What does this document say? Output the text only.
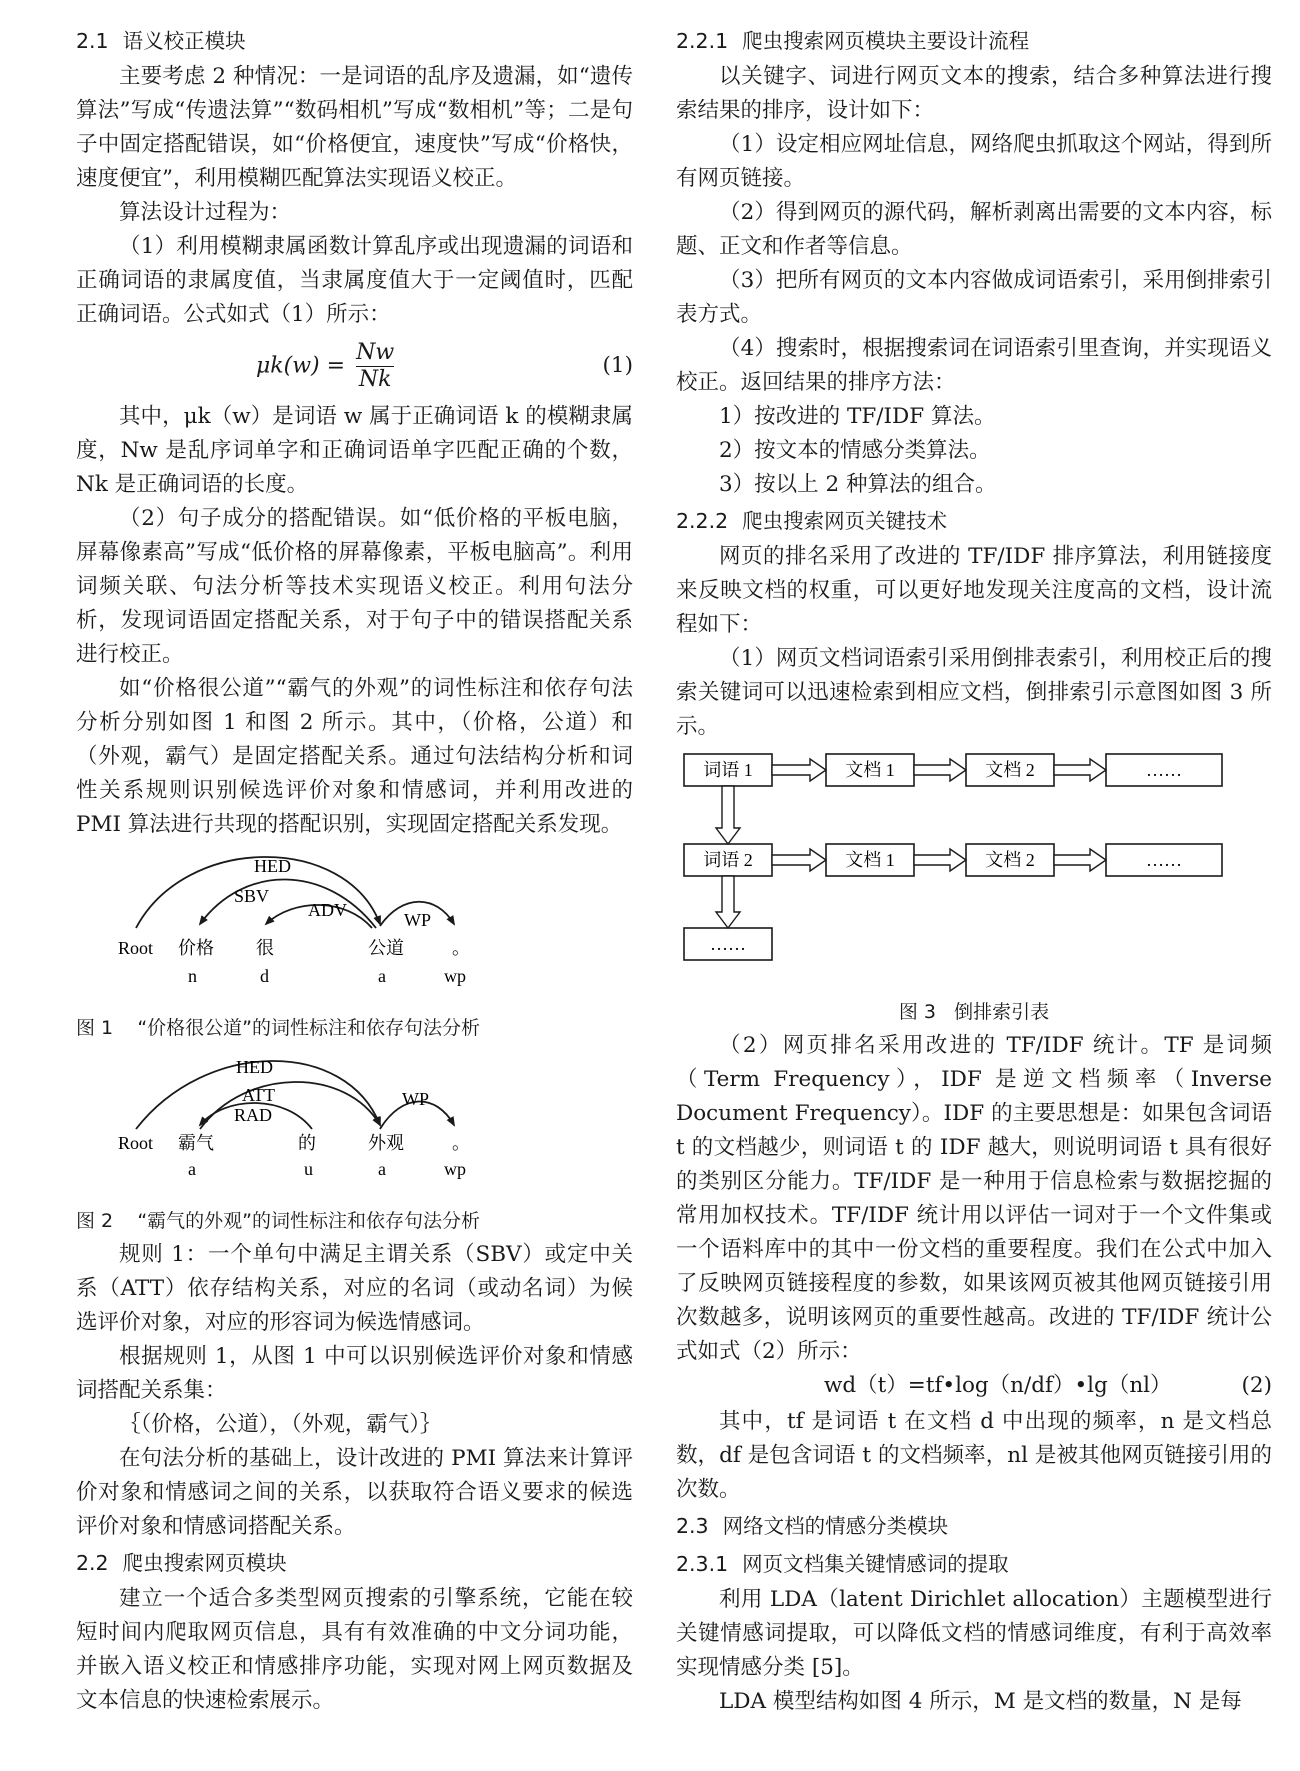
2.1 语义校正模块

主要考虑 2 种情况：一是词语的乱序及遗漏，如“遗传算法”写成“传遗法算”“数码相机”写成“数相机”等；二是句子中固定搭配错误，如“价格便宜，速度快”写成“价格快，速度便宜”，利用模糊匹配算法实现语义校正。

算法设计过程为：

（1）利用模糊隶属函数计算乱序或出现遗漏的词语和正确词语的隶属度值，当隶属度值大于一定阈值时，匹配正确词语。公式如式（1）所示：

$\mu k(w) = \frac{Nw}{Nk}$	(1)

其中，μk（w）是词语 w 属于正确词语 k 的模糊隶属度，Nw 是乱序词单字和正确词语单字匹配正确的个数，Nk 是正确词语的长度。

（2）句子成分的搭配错误。如“低价格的平板电脑，屏幕像素高”写成“低价格的屏幕像素，平板电脑高”。利用词频关联、句法分析等技术实现语义校正。利用句法分析，发现词语固定搭配关系，对于句子中的错误搭配关系进行校正。

如“价格很公道”“霸气的外观”的词性标注和依存句法分析分别如图 1 和图 2 所示。其中，（价格，公道）和（外观，霸气）是固定搭配关系。通过句法结构分析和词性关系规则识别候选评价对象和情感词，并利用改进的 PMI 算法进行共现的搭配识别，实现固定搭配关系发现。

HED
SBV
ADV	WP
Root 价格 很	公道	。
n	d	a	wp
图 1 “价格很公道”的词性标注和依存句法分析
HED
ATT
RAD
WP
Root 霸气	的	外观	。
a	u	a	wp
图 2 “霸气的外观”的词性标注和依存句法分析

规则 1：一个单句中满足主谓关系（SBV）或定中关系（ATT）依存结构关系，对应的名词（或动名词）为候选评价对象，对应的形容词为候选情感词。

根据规则 1，从图 1 中可以识别候选评价对象和情感词搭配关系集：

｛（价格，公道），（外观，霸气）｝

在句法分析的基础上，设计改进的 PMI 算法来计算评价对象和情感词之间的关系，以获取符合语义要求的候选评价对象和情感词搭配关系。

2.2 爬虫搜索网页模块

建立一个适合多类型网页搜索的引擎系统，它能在较短时间内爬取网页信息，具有有效准确的中文分词功能，并嵌入语义校正和情感排序功能，实现对网上网页数据及文本信息的快速检索展示。

2.2.1 爬虫搜索网页模块主要设计流程

以关键字、词进行网页文本的搜索，结合多种算法进行搜索结果的排序，设计如下：

（1）设定相应网址信息，网络爬虫抓取这个网站，得到所有网页链接。

（2）得到网页的源代码，解析剥离出需要的文本内容，标题、正文和作者等信息。

（3）把所有网页的文本内容做成词语索引，采用倒排索引表方式。

（4）搜索时，根据搜索词在词语索引里查询，并实现语义校正。返回结果的排序方法：

1）按改进的 TF/IDF 算法。

2）按文本的情感分类算法。

3）按以上 2 种算法的组合。

2.2.2 爬虫搜索网页关键技术

网页的排名采用了改进的 TF/IDF 排序算法，利用链接度来反映文档的权重，可以更好地发现关注度高的文档，设计流程如下：

（1）网页文档词语索引采用倒排表索引，利用校正后的搜索关键词可以迅速检索到相应文档，倒排索引示意图如图 3 所示。

词语 1	文档 1	文档 2	……
词语 2	文档 1	文档 2	……
……
图 3 倒排索引表

（2）网页排名采用改进的 TF/IDF 统计。TF 是词频（Term Frequency），IDF 是逆文档频率（Inverse Document Frequency）。IDF 的主要思想是：如果包含词语 t 的文档越少，则词语 t 的 IDF 越大，则说明词语 t 具有很好的类别区分能力。TF/IDF 是一种用于信息检索与数据挖掘的常用加权技术。TF/IDF 统计用以评估一词对于一个文件集或一个语料库中的其中一份文档的重要程度。我们在公式中加入了反映网页链接程度的参数，如果该网页被其他网页链接引用次数越多，说明该网页的重要性越高。改进的 TF/IDF 统计公式如式（2）所示：

wd（t）=tf•log（n/df）•lg（nl）	(2)

其中，tf 是词语 t 在文档 d 中出现的频率，n 是文档总数，df 是包含词语 t 的文档频率，nl 是被其他网页链接引用的次数。

2.3 网络文档的情感分类模块
2.3.1 网页文档集关键情感词的提取

利用 LDA（latent Dirichlet allocation）主题模型进行关键情感词提取，可以降低文档的情感词维度，有利于高效率实现情感分类 [5]。

LDA 模型结构如图 4 所示，M 是文档的数量，N 是每
